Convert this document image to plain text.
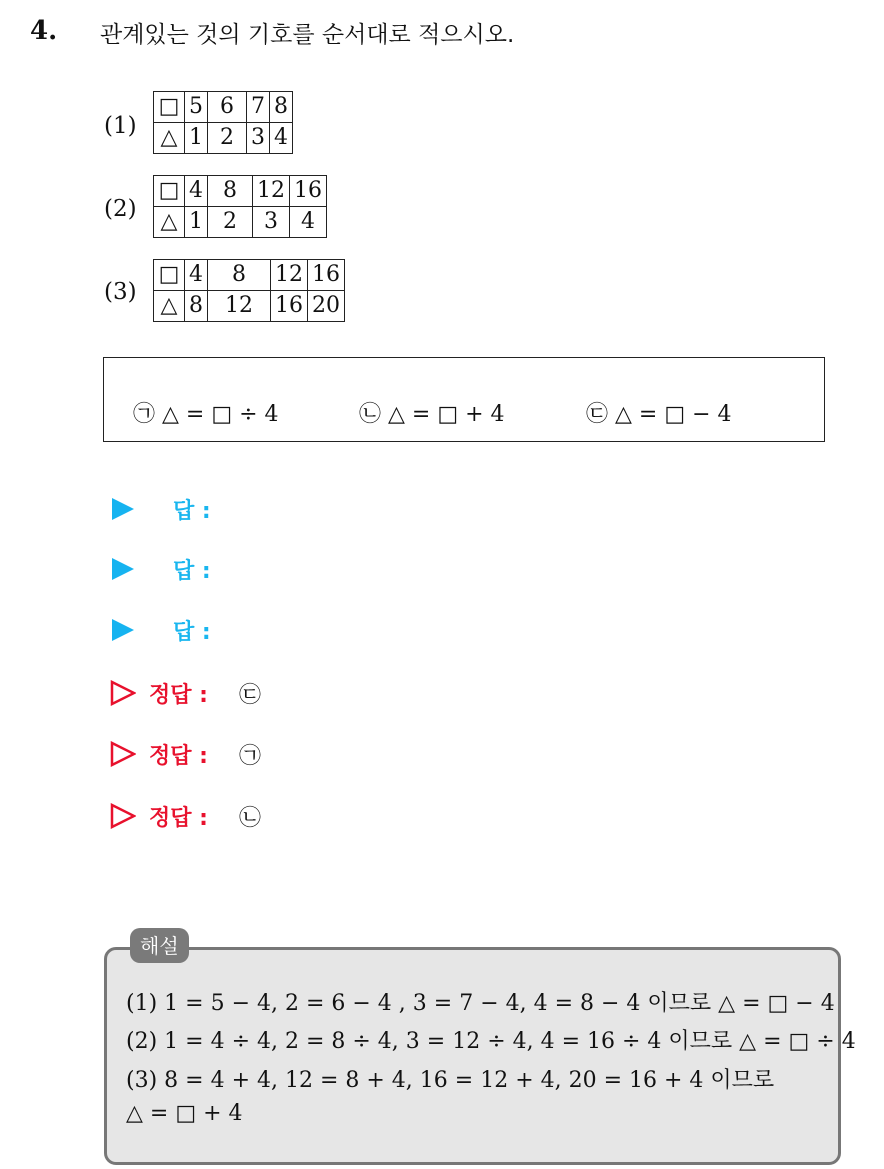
4. 관계있는 것의 기호를 순서대로 적으시오.
(1)
□	5	6	7	8
△	1	2	3	4
(2)
□	4	8	12	16
△	1	2	3	4
(3)
□	4	8	12	16
△	8	12	16	20
㉠ △ = □ ÷ 4	㉡ △ = □ + 4	㉢ △ = □ − 4
답 :
답 :
답 :
정답 : ㉢
정답 : ㉠
정답 : ㉡
해설
(1) 1 = 5 − 4, 2 = 6 − 4 , 3 = 7 − 4, 4 = 8 − 4 이므로 △ = □ − 4
(2) 1 = 4 ÷ 4, 2 = 8 ÷ 4, 3 = 12 ÷ 4, 4 = 16 ÷ 4 이므로 △ = □ ÷ 4
(3) 8 = 4 + 4, 12 = 8 + 4, 16 = 12 + 4, 20 = 16 + 4 이므로
△ = □ + 4
